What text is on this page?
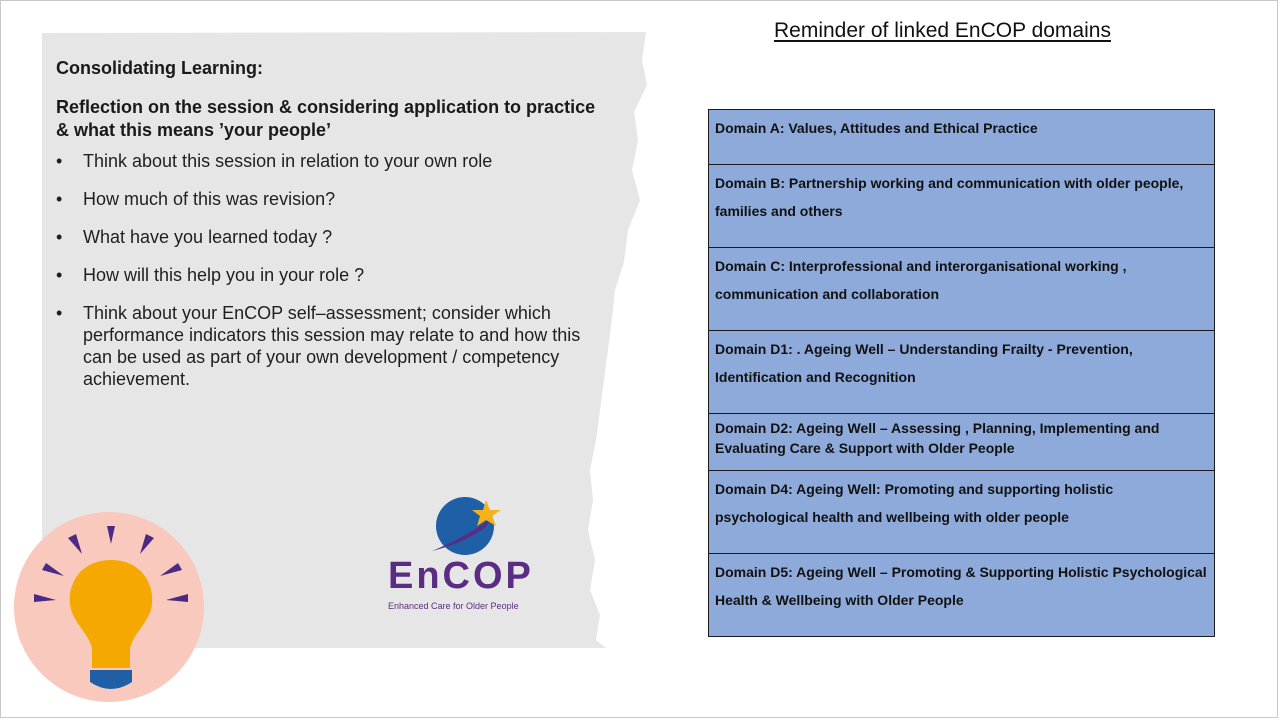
Consolidating Learning:
Reflection on the session & considering application to practice & what this means ’your people’
• Think about this session in relation to your own role
• How much of this was revision?
• What have you learned today ?
• How will this help you in your role ?
• Think about your EnCOP self–assessment; consider which performance indicators this session may relate to and how this can be used as part of your own development / competency achievement.
EnCOP
Enhanced Care for Older People
Reminder of linked EnCOP domains
Domain A: Values, Attitudes and Ethical Practice
Domain B: Partnership working and communication with older people, families and others
Domain C: Interprofessional and interorganisational working , communication and collaboration
Domain D1: . Ageing Well – Understanding Frailty - Prevention, Identification and Recognition
Domain D2: Ageing Well – Assessing , Planning, Implementing and Evaluating Care & Support with Older People
Domain D4: Ageing Well: Promoting and supporting holistic psychological health and wellbeing with older people
Domain D5: Ageing Well – Promoting & Supporting Holistic Psychological Health & Wellbeing with Older People
